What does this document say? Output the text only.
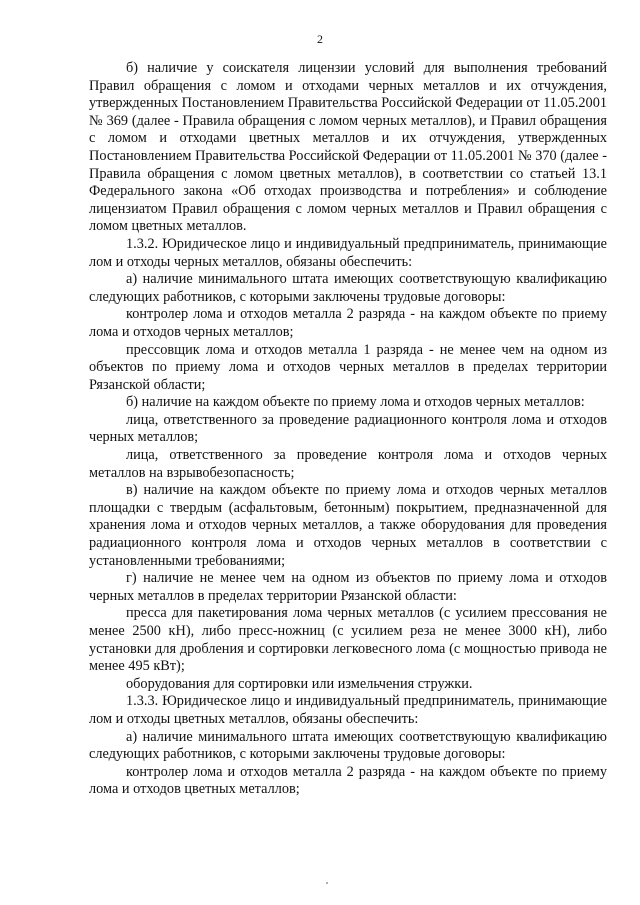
2

б) наличие у соискателя лицензии условий для выполнения требований Правил обращения с ломом и отходами черных металлов и их отчуждения, утвержденных Постановлением Правительства Российской Федерации от 11.05.2001 № 369 (далее - Правила обращения с ломом черных металлов), и Правил обращения с ломом и отходами цветных металлов и их отчуждения, утвержденных Постановлением Правительства Российской Федерации от 11.05.2001 № 370 (далее - Правила обращения с ломом цветных металлов), в соответствии со статьей 13.1 Федерального закона «Об отходах производства и потребления» и соблюдение лицензиатом Правил обращения с ломом черных металлов и Правил обращения с ломом цветных металлов.

1.3.2. Юридическое лицо и индивидуальный предприниматель, принимающие лом и отходы черных металлов, обязаны обеспечить:

а) наличие минимального штата имеющих соответствующую квалификацию следующих работников, с которыми заключены трудовые договоры:

контролер лома и отходов металла 2 разряда - на каждом объекте по приему лома и отходов черных металлов;

прессовщик лома и отходов металла 1 разряда - не менее чем на одном из объектов по приему лома и отходов черных металлов в пределах территории Рязанской области;

б) наличие на каждом объекте по приему лома и отходов черных металлов:

лица, ответственного за проведение радиационного контроля лома и отходов черных металлов;

лица, ответственного за проведение контроля лома и отходов черных металлов на взрывобезопасность;

в) наличие на каждом объекте по приему лома и отходов черных металлов площадки с твердым (асфальтовым, бетонным) покрытием, предназначенной для хранения лома и отходов черных металлов, а также оборудования для проведения радиационного контроля лома и отходов черных металлов в соответствии с установленными требованиями;

г) наличие не менее чем на одном из объектов по приему лома и отходов черных металлов в пределах территории Рязанской области:

пресса для пакетирования лома черных металлов (с усилием прессования не менее 2500 кН), либо пресс-ножниц (с усилием реза не менее 3000 кН), либо установки для дробления и сортировки легковесного лома (с мощностью привода не менее 495 кВт);

оборудования для сортировки или измельчения стружки.

1.3.3. Юридическое лицо и индивидуальный предприниматель, принимающие лом и отходы цветных металлов, обязаны обеспечить:

а) наличие минимального штата имеющих соответствующую квалификацию следующих работников, с которыми заключены трудовые договоры:

контролер лома и отходов металла 2 разряда - на каждом объекте по приему лома и отходов цветных металлов;
